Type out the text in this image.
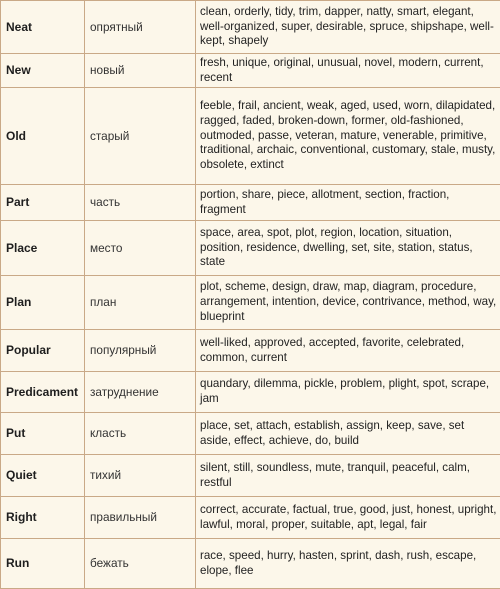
Neat	опрятный	clean, orderly, tidy, trim, dapper, natty, smart, elegant, well-organized, super, desirable, spruce, shipshape, well-kept, shapely
New	новый	fresh, unique, original, unusual, novel, modern, current, recent
Old	старый	feeble, frail, ancient, weak, aged, used, worn, dilapidated, ragged, faded, broken-down, former, old-fashioned, outmoded, passe, veteran, mature, venerable, primitive, traditional, archaic, conventional, customary, stale, musty, obsolete, extinct
Part	часть	portion, share, piece, allotment, section, fraction, fragment
Place	место	space, area, spot, plot, region, location, situation, position, residence, dwelling, set, site, station, status, state
Plan	план	plot, scheme, design, draw, map, diagram, procedure, arrangement, intention, device, contrivance, method, way, blueprint
Popular	популярный	well-liked, approved, accepted, favorite, celebrated, common, current
Predicament	затруднение	quandary, dilemma, pickle, problem, plight, spot, scrape, jam
Put	класть	place, set, attach, establish, assign, keep, save, set aside, effect, achieve, do, build
Quiet	тихий	silent, still, soundless, mute, tranquil, peaceful, calm, restful
Right	правильный	correct, accurate, factual, true, good, just, honest, upright, lawful, moral, proper, suitable, apt, legal, fair
Run	бежать	race, speed, hurry, hasten, sprint, dash, rush, escape, elope, flee
